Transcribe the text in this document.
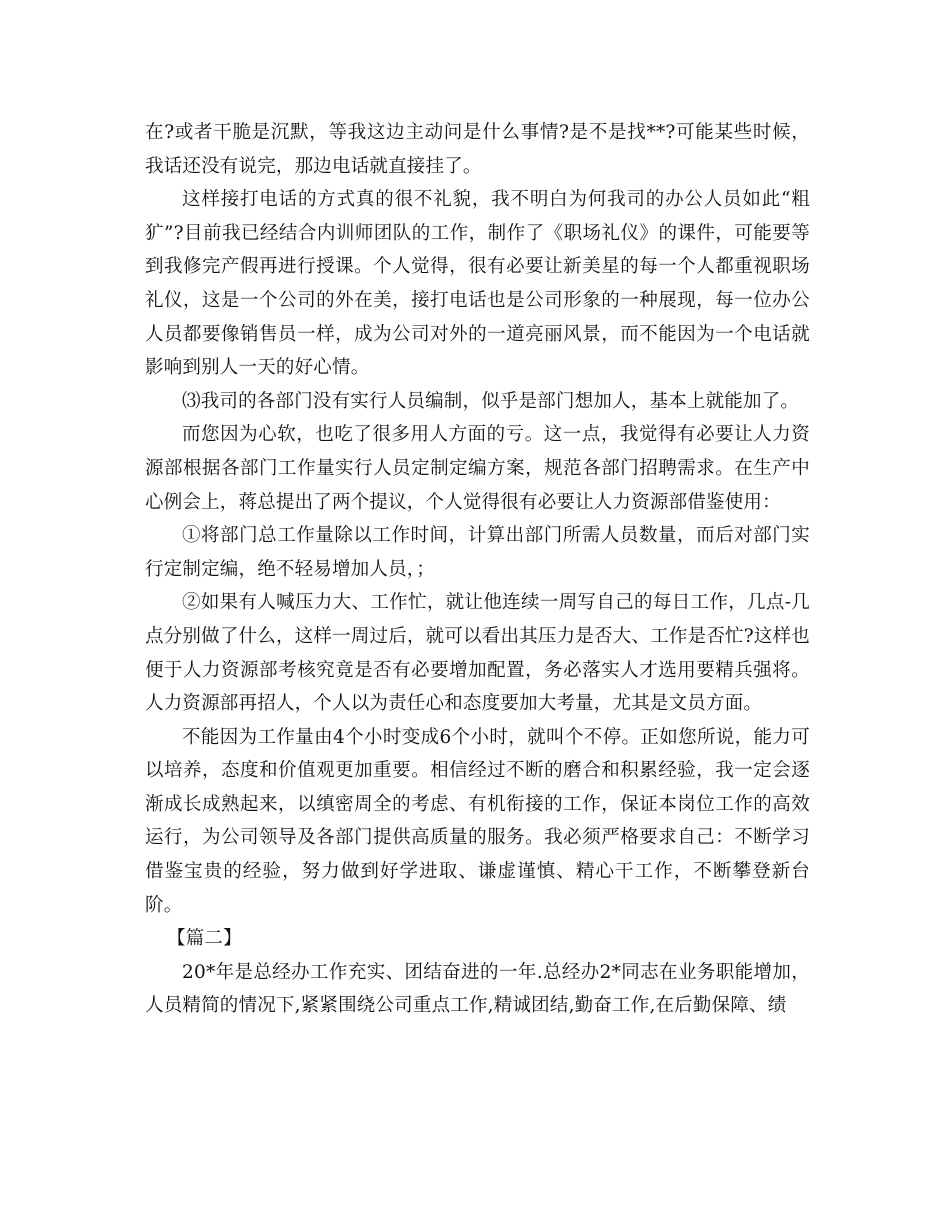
在?或者干脆是沉默，等我这边主动问是什么事情?是不是找**?可能某些时候，我话还没有说完，那边电话就直接挂了。

这样接打电话的方式真的很不礼貌，我不明白为何我司的办公人员如此“粗犷”?目前我已经结合内训师团队的工作，制作了《职场礼仪》的课件，可能要等到我修完产假再进行授课。个人觉得，很有必要让新美星的每一个人都重视职场礼仪，这是一个公司的外在美，接打电话也是公司形象的一种展现，每一位办公人员都要像销售员一样，成为公司对外的一道亮丽风景，而不能因为一个电话就影响到别人一天的好心情。

⑶我司的各部门没有实行人员编制，似乎是部门想加人，基本上就能加了。

而您因为心软，也吃了很多用人方面的亏。这一点，我觉得有必要让人力资源部根据各部门工作量实行人员定制定编方案，规范各部门招聘需求。在生产中心例会上，蒋总提出了两个提议，个人觉得很有必要让人力资源部借鉴使用：

①将部门总工作量除以工作时间，计算出部门所需人员数量，而后对部门实行定制定编，绝不轻易增加人员，；

②如果有人喊压力大、工作忙，就让他连续一周写自己的每日工作，几点-几点分别做了什么，这样一周过后，就可以看出其压力是否大、工作是否忙?这样也便于人力资源部考核究竟是否有必要增加配置，务必落实人才选用要精兵强将。人力资源部再招人，个人以为责任心和态度要加大考量，尤其是文员方面。

不能因为工作量由4个小时变成6个小时，就叫个不停。正如您所说，能力可以培养，态度和价值观更加重要。相信经过不断的磨合和积累经验，我一定会逐渐成长成熟起来，以缜密周全的考虑、有机衔接的工作，保证本岗位工作的高效运行，为公司领导及各部门提供高质量的服务。我必须严格要求自己：不断学习借鉴宝贵的经验，努力做到好学进取、谦虚谨慎、精心干工作，不断攀登新台阶。

【篇二】

20*年是总经办工作充实、团结奋进的一年.总经办2*同志在业务职能增加，人员精简的情况下,紧紧围绕公司重点工作,精诚团结,勤奋工作,在后勤保障、绩
